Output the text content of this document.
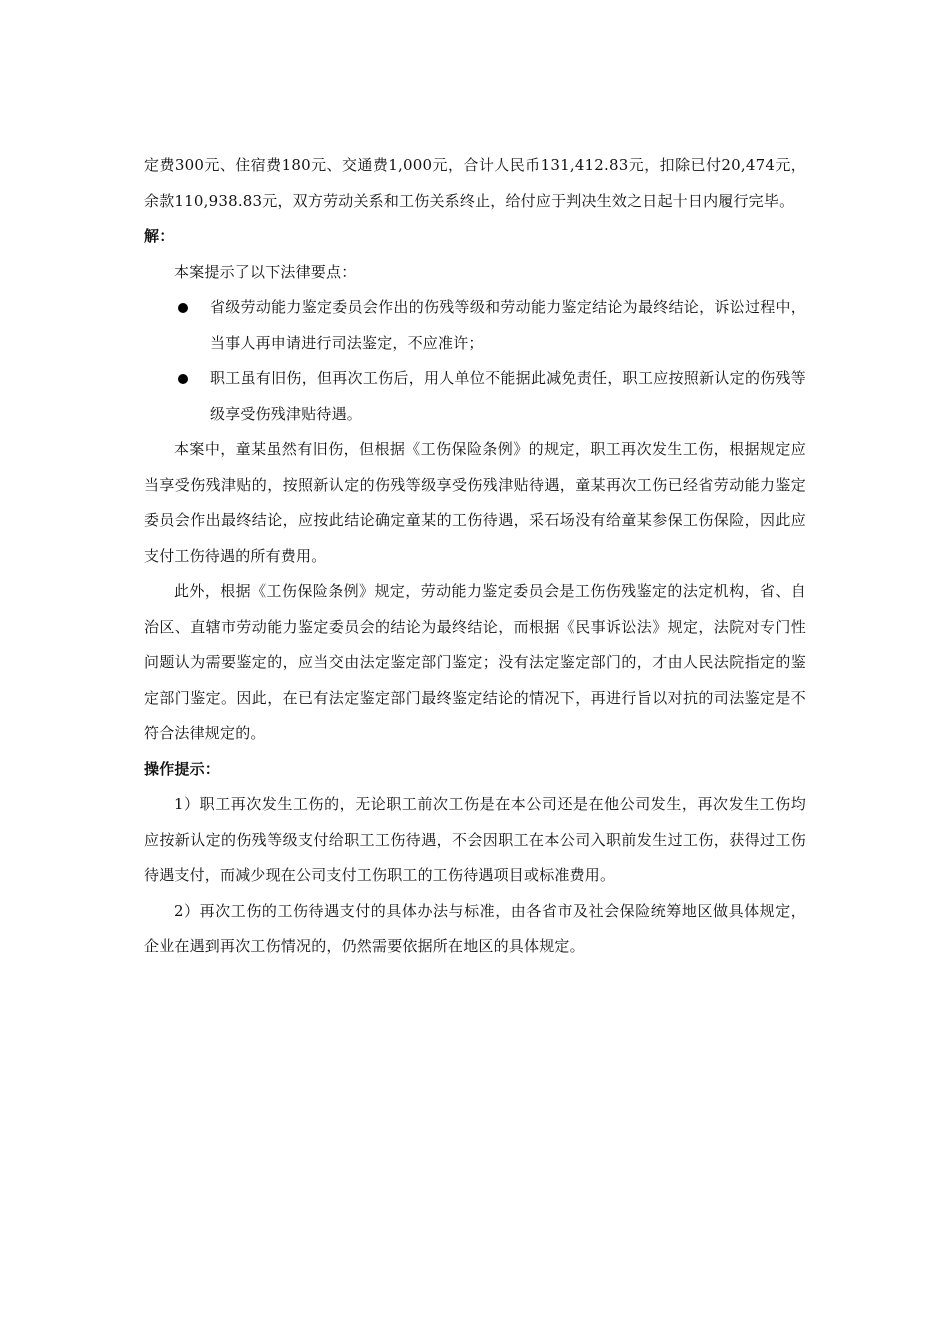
定费300元、住宿费180元、交通费1,000元，合计人民币131,412.83元，扣除已付20,474元，余款110,938.83元，双方劳动关系和工伤关系终止，给付应于判决生效之日起十日内履行完毕。

解：

本案提示了以下法律要点：

省级劳动能力鉴定委员会作出的伤残等级和劳动能力鉴定结论为最终结论，诉讼过程中，当事人再申请进行司法鉴定，不应准许；
职工虽有旧伤，但再次工伤后，用人单位不能据此减免责任，职工应按照新认定的伤残等级享受伤残津贴待遇。

本案中，童某虽然有旧伤，但根据《工伤保险条例》的规定，职工再次发生工伤，根据规定应当享受伤残津贴的，按照新认定的伤残等级享受伤残津贴待遇，童某再次工伤已经省劳动能力鉴定委员会作出最终结论，应按此结论确定童某的工伤待遇，采石场没有给童某参保工伤保险，因此应支付工伤待遇的所有费用。

此外，根据《工伤保险条例》规定，劳动能力鉴定委员会是工伤伤残鉴定的法定机构，省、自治区、直辖市劳动能力鉴定委员会的结论为最终结论，而根据《民事诉讼法》规定，法院对专门性问题认为需要鉴定的，应当交由法定鉴定部门鉴定；没有法定鉴定部门的，才由人民法院指定的鉴定部门鉴定。因此，在已有法定鉴定部门最终鉴定结论的情况下，再进行旨以对抗的司法鉴定是不符合法律规定的。

操作提示：

1）职工再次发生工伤的，无论职工前次工伤是在本公司还是在他公司发生，再次发生工伤均应按新认定的伤残等级支付给职工工伤待遇，不会因职工在本公司入职前发生过工伤，获得过工伤待遇支付，而减少现在公司支付工伤职工的工伤待遇项目或标准费用。

2）再次工伤的工伤待遇支付的具体办法与标准，由各省市及社会保险统筹地区做具体规定，企业在遇到再次工伤情况的，仍然需要依据所在地区的具体规定。
